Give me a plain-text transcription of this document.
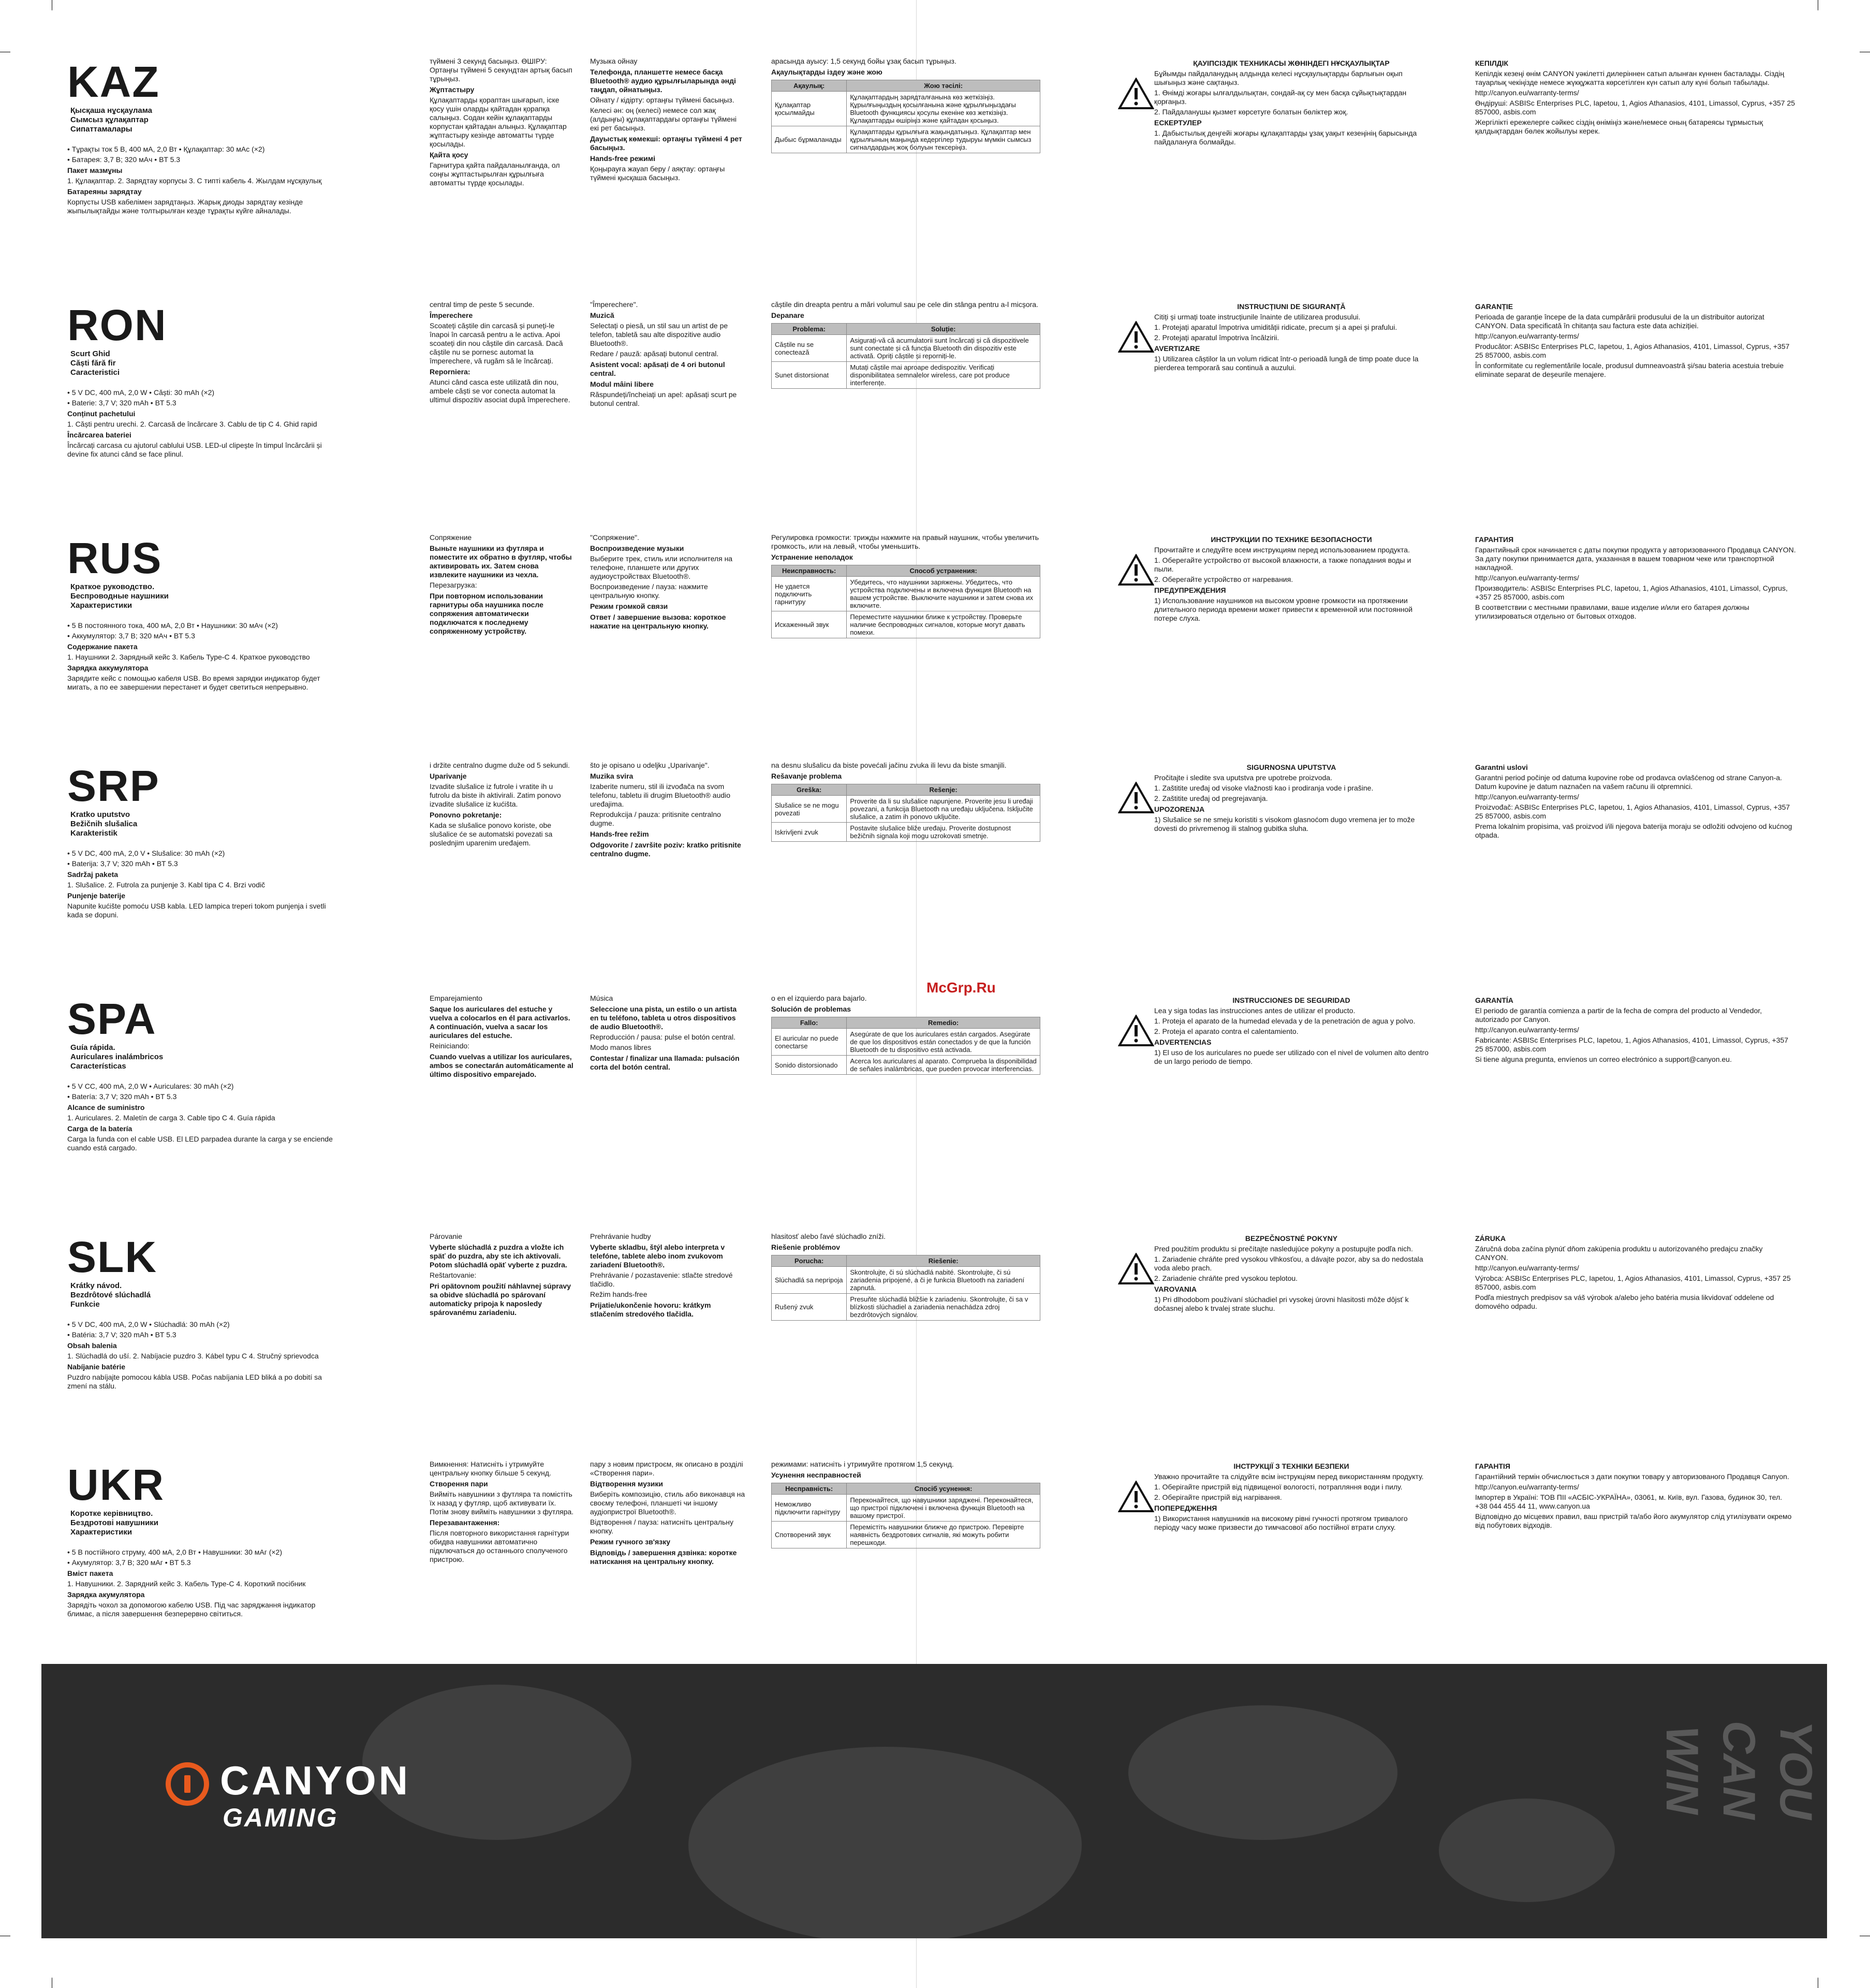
KAZ
Қысқаша нұсқаулама
Сымсыз құлақаптар
Сипаттамалары

• Тұрақты ток 5 В, 400 мА, 2,0 Вт • Құлақаптар: 30 мАс (×2)

• Батарея: 3,7 В; 320 мАч • BT 5.3

Пакет мазмұны

1. Құлақаптар. 2. Зарядтау корпусы 3. C типті кабель 4. Жылдам нұсқаулық

Батареяны зарядтау

Корпусты USB кабелімен зарядтаңыз. Жарық диоды зарядтау кезінде жыпылықтайды және толтырылған кезде тұрақты күйге айналады.

түймені 3 секунд басыңыз. ӨШІРУ: Ортаңғы түймені 5 секундтан артық басып тұрыңыз.

Жұптастыру

Құлақаптарды қораптан шығарып, іске қосу үшін оларды қайтадан қорапқа салыңыз. Содан кейін құлақаптарды корпустан қайтадан алыңыз. Құлақаптар жұптастыру кезінде автоматты түрде қосылады.

Қайта қосу

Гарнитура қайта пайдаланылғанда, ол соңғы жұптастырылған құрылғыға автоматты түрде қосылады.

Музыка ойнау

Телефонда, планшетте немесе басқа Bluetooth® аудио құрылғыларында әнді таңдап, ойнатыңыз.

Ойнату / кідірту: ортаңғы түймені басыңыз.

Келесі ән: оң (келесі) немесе сол жақ (алдыңғы) құлақаптардағы ортаңғы түймені екі рет басыңыз.

Дауыстық көмекші: ортаңғы түймені 4 рет басыңыз.

Hands-free режимі

Қоңырауға жауап беру / аяқтау: ортаңғы түймені қысқаша басыңыз.

арасында ауысу: 1,5 секунд бойы ұзақ басып тұрыңыз.

Ақаулықтарды іздеу және жою

Ақаулық:	Жою тәсілі:
Құлақаптар қосылмайды	Құлақаптардың зарядталғанына көз жеткізіңіз. Құрылғыңыздың қосылғанына және құрылғыңыздағы Bluetooth функциясы қосулы екеніне көз жеткізіңіз. Құлақаптарды өшіріңіз және қайтадан қосыңыз.
Дыбыс бұрмаланады	Құлақаптарды құрылғыға жақындатыңыз. Құлақаптар мен құрылғының маңында кедергілер тудыруы мүмкін сымсыз сигналдардың жоқ болуын тексеріңіз.

ҚАУІПСІЗДІК ТЕХНИКАСЫ ЖӨНІНДЕГІ НҰСҚАУЛЫҚТАР

Бұйымды пайдаланудың алдында келесі нұсқаулықтарды барлығын оқып шығыңыз және сақтаңыз.

1. Өнімді жоғары ылғалдылықтан, сондай-ақ су мен басқа сұйықтықтардан қорғаңыз.

2. Пайдаланушы қызмет көрсетуге болатын бөліктер жоқ.

ЕСКЕРТУЛЕР

1. Дабыстылық деңгейі жоғары құлақаптарды ұзақ уақыт кезеңінің барысында пайдалануға болмайды.

КЕПІЛДІК

Кепілдік кезеңі өнім CANYON уәкілетті дилеріннен сатып алынған күннен басталады. Сіздің тауарлық чекіңізде немесе жүкқұжатта көрсетілген күн сатып алу күні болып табылады.

http://canyon.eu/warranty-terms/

Өндіруші: ASBISc Enterprises PLC, Iapetou, 1, Agios Athanasios, 4101, Limassol, Cyprus, +357 25 857000, asbis.com

Жергілікті ережелерге сәйкес сіздің өніміңіз және/немесе оның батареясы тұрмыстық қалдықтардан бөлек жойылуы керек.

RON
Scurt Ghid
Căști fără fir
Caracteristici

• 5 V DC, 400 mA, 2,0 W • Căști: 30 mAh (×2)

• Baterie: 3,7 V; 320 mAh • BT 5.3

Conținut pachetului

1. Căști pentru urechi. 2. Carcasă de încărcare 3. Cablu de tip C 4. Ghid rapid

Încărcarea bateriei

Încărcați carcasa cu ajutorul cablului USB. LED-ul clipește în timpul încărcării și devine fix atunci când se face plinul.

central timp de peste 5 secunde.

Împerechere

Scoateți căștile din carcasă și puneți-le înapoi în carcasă pentru a le activa. Apoi scoateți din nou căștile din carcasă. Dacă căștile nu se pornesc automat la împerechere, vă rugăm să le încărcați.

Reporniera:

Atunci când casca este utilizată din nou, ambele căști se vor conecta automat la ultimul dispozitiv asociat după împerechere.

"Împerechere".

Muzică

Selectați o piesă, un stil sau un artist de pe telefon, tabletă sau alte dispozitive audio Bluetooth®.

Redare / pauză: apăsați butonul central.

Asistent vocal: apăsați de 4 ori butonul central.

Modul mâini libere

Răspundeți/încheiați un apel: apăsați scurt pe butonul central.

căștile din dreapta pentru a mări volumul sau pe cele din stânga pentru a-l micșora.

Depanare

Problema:	Soluție:
Căștile nu se conectează	Asigurați-vă că acumulatorii sunt încărcați și că dispozitivele sunt conectate și că funcția Bluetooth din dispozitiv este activată. Opriți căștile și reporniți-le.
Sunet distorsionat	Mutați căștile mai aproape dedispozitiv. Verificați disponibilitatea semnalelor wireless, care pot produce interferențe.

INSTRUCȚIUNI DE SIGURANȚĂ

Citiți și urmați toate instrucțiunile înainte de utilizarea produsului.

1. Protejați aparatul împotriva umidității ridicate, precum și a apei și prafului.

2. Protejați aparatul împotriva încălzirii.

AVERTIZARE

1) Utilizarea căștilor la un volum ridicat într-o perioadă lungă de timp poate duce la pierderea temporară sau continuă a auzului.

GARANȚIE

Perioada de garanție începe de la data cumpărării produsului de la un distribuitor autorizat CANYON. Data specificată în chitanța sau factura este data achiziției.

http://canyon.eu/warranty-terms/

Producător: ASBISc Enterprises PLC, Iapetou, 1, Agios Athanasios, 4101, Limassol, Cyprus, +357 25 857000, asbis.com

În conformitate cu reglementările locale, produsul dumneavoastră și/sau bateria acestuia trebuie eliminate separat de deșeurile menajere.

RUS
Краткое руководство.
Беспроводные наушники
Характеристики

• 5 В постоянного тока, 400 мА, 2,0 Вт • Наушники: 30 мАч (×2)

• Аккумулятор: 3,7 В; 320 мАч • BT 5.3

Содержание пакета

1. Наушники 2. Зарядный кейс 3. Кабель Type-C 4. Краткое руководство

Зарядка аккумулятора

Зарядите кейс с помощью кабеля USB. Во время зарядки индикатор будет мигать, а по ее завершении перестанет и будет светиться непрерывно.

Сопряжение

Выньте наушники из футляра и поместите их обратно в футляр, чтобы активировать их. Затем снова извлеките наушники из чехла.

Перезагрузка:

При повторном использовании гарнитуры оба наушника после сопряжения автоматически подключатся к последнему сопряженному устройству.

"Сопряжение".

Воспроизведение музыки

Выберите трек, стиль или исполнителя на телефоне, планшете или других аудиоустройствах Bluetooth®.

Воспроизведение / пауза: нажмите центральную кнопку.

Режим громкой связи

Ответ / завершение вызова: короткое нажатие на центральную кнопку.

Регулировка громкости: трижды нажмите на правый наушник, чтобы увеличить громкость, или на левый, чтобы уменьшить.

Устранение неполадок

Неисправность:	Способ устранения:
Не удается подключить гарнитуру	Убедитесь, что наушники заряжены. Убедитесь, что устройства подключены и включена функция Bluetooth на вашем устройстве. Выключите наушники и затем снова их включите.
Искаженный звук	Переместите наушники ближе к устройству. Проверьте наличие беспроводных сигналов, которые могут давать помехи.

ИНСТРУКЦИИ ПО ТЕХНИКЕ БЕЗОПАСНОСТИ

Прочитайте и следуйте всем инструкциям перед использованием продукта.

1. Оберегайте устройство от высокой влажности, а также попадания воды и пыли.

2. Оберегайте устройство от нагревания.

ПРЕДУПРЕЖДЕНИЯ

1) Использование наушников на высоком уровне громкости на протяжении длительного периода времени может привести к временной или постоянной потере слуха.

ГАРАНТИЯ

Гарантийный срок начинается с даты покупки продукта у авторизованного Продавца CANYON. За дату покупки принимается дата, указанная в вашем товарном чеке или транспортной накладной.

http://canyon.eu/warranty-terms/

Производитель: ASBISc Enterprises PLC, Iapetou, 1, Agios Athanasios, 4101, Limassol, Cyprus, +357 25 857000, asbis.com

В соответствии с местными правилами, ваше изделие и/или его батарея должны утилизироваться отдельно от бытовых отходов.

SRP
Kratko uputstvo
Bežičnih slušalica
Karakteristik

• 5 V DC, 400 mA, 2,0 V • Slušalice: 30 mAh (×2)

• Baterija: 3,7 V; 320 mAh • BT 5.3

Sadržaj paketa

1. Slušalice. 2. Futrola za punjenje 3. Kabl tipa C 4. Brzi vodič

Punjenje baterije

Napunite kućište pomoću USB kabla. LED lampica treperi tokom punjenja i svetli kada se dopuni.

i držite centralno dugme duže od 5 sekundi.

Uparivanje

Izvadite slušalice iz futrole i vratite ih u futrolu da biste ih aktivirali. Zatim ponovo izvadite slušalice iz kućišta.

Ponovno pokretanje:

Kada se slušalice ponovo koriste, obe slušalice će se automatski povezati sa poslednjim uparenim uređajem.

što je opisano u odeljku „Uparivanje".

Muzika svira

Izaberite numeru, stil ili izvođača na svom telefonu, tabletu ili drugim Bluetooth® audio uređajima.

Reprodukcija / pauza: pritisnite centralno dugme.

Hands-free režim

Odgovorite / završite poziv: kratko pritisnite centralno dugme.

na desnu slušalicu da biste povećali jačinu zvuka ili levu da biste smanjili.

Rešavanje problema

Greška:	Rešenje:
Slušalice se ne mogu povezati	Proverite da li su slušalice napunjene. Proverite jesu li uređaji povezani, a funkcija Bluetooth na uređaju uključena. Isključite slušalice, a zatim ih ponovo uključite.
Iskrivljeni zvuk	Postavite slušalice bliže uređaju. Proverite dostupnost bežičnih signala koji mogu uzrokovati smetnje.

SIGURNOSNA UPUTSTVA

Pročitajte i sledite sva uputstva pre upotrebe proizvoda.

1. Zaštitite uređaj od visoke vlažnosti kao i prodiranja vode i prašine.

2. Zaštitite uređaj od pregrejavanja.

UPOZORENJA

1) Slušalice se ne smeju koristiti s visokom glasnoćom dugo vremena jer to može dovesti do privremenog ili stalnog gubitka sluha.

Garantni uslovi

Garantni period počinje od datuma kupovine robe od prodavca ovlašćenog od strane Canyon-a. Datum kupovine je datum naznačen na vašem računu ili otpremnici.

http://canyon.eu/warranty-terms/

Proizvođač: ASBISc Enterprises PLC, Iapetou, 1, Agios Athanasios, 4101, Limassol, Cyprus, +357 25 857000, asbis.com

Prema lokalnim propisima, vaš proizvod i/ili njegova baterija moraju se odložiti odvojeno od kućnog otpada.

SPA
Guía rápida.
Auriculares inalámbricos
Características

• 5 V CC, 400 mA, 2,0 W • Auriculares: 30 mAh (×2)

• Batería: 3,7 V; 320 mAh • BT 5.3

Alcance de suministro

1. Auriculares. 2. Maletín de carga 3. Cable tipo C 4. Guía rápida

Carga de la batería

Carga la funda con el cable USB. El LED parpadea durante la carga y se enciende cuando está cargado.

Emparejamiento

Saque los auriculares del estuche y vuelva a colocarlos en él para activarlos. A continuación, vuelva a sacar los auriculares del estuche.

Reiniciando:

Cuando vuelvas a utilizar los auriculares, ambos se conectarán automáticamente al último dispositivo emparejado.

Música

Seleccione una pista, un estilo o un artista en tu teléfono, tableta u otros dispositivos de audio Bluetooth®.

Reproducción / pausa: pulse el botón central.

Modo manos libres

Contestar / finalizar una llamada: pulsación corta del botón central.

o en el izquierdo para bajarlo.

Solución de problemas

Fallo:	Remedio:
El auricular no puede conectarse	Asegúrate de que los auriculares están cargados. Asegúrate de que los dispositivos están conectados y de que la función Bluetooth de tu dispositivo está activada.
Sonido distorsionado	Acerca los auriculares al aparato. Comprueba la disponibilidad de señales inalámbricas, que pueden provocar interferencias.

INSTRUCCIONES DE SEGURIDAD

Lea y siga todas las instrucciones antes de utilizar el producto.

1. Proteja el aparato de la humedad elevada y de la penetración de agua y polvo.

2. Proteja el aparato contra el calentamiento.

ADVERTENCIAS

1) El uso de los auriculares no puede ser utilizado con el nivel de volumen alto dentro de un largo periodo de tiempo.

GARANTÍA

El periodo de garantía comienza a partir de la fecha de compra del producto al Vendedor, autorizado por Canyon.

http://canyon.eu/warranty-terms/

Fabricante: ASBISc Enterprises PLC, Iapetou, 1, Agios Athanasios, 4101, Limassol, Cyprus, +357 25 857000, asbis.com

Si tiene alguna pregunta, envíenos un correo electrónico a support@canyon.eu.

SLK
Krátky návod.
Bezdrôtové slúchadlá
Funkcie

• 5 V DC, 400 mA, 2,0 W • Slúchadlá: 30 mAh (×2)

• Batéria: 3,7 V; 320 mAh • BT 5.3

Obsah balenia

1. Slúchadlá do uší. 2. Nabíjacie puzdro 3. Kábel typu C 4. Stručný sprievodca

Nabíjanie batérie

Puzdro nabíjajte pomocou kábla USB. Počas nabíjania LED bliká a po dobití sa zmení na stálu.

Párovanie

Vyberte slúchadlá z puzdra a vložte ich späť do puzdra, aby ste ich aktivovali. Potom slúchadlá opäť vyberte z puzdra.

Reštartovanie:

Pri opätovnom použití náhlavnej súpravy sa obidve slúchadlá po spárovaní automaticky pripoja k naposledy spárovanému zariadeniu.

Prehrávanie hudby

Vyberte skladbu, štýl alebo interpreta v telefóne, tablete alebo inom zvukovom zariadení Bluetooth®.

Prehrávanie / pozastavenie: stlačte stredové tlačidlo.

Režim hands-free

Prijatie/ukončenie hovoru: krátkym stlačením stredového tlačidla.

hlasitosť alebo ľavé slúchadlo zníži.

Riešenie problémov

Porucha:	Riešenie:
Slúchadlá sa nepripoja	Skontrolujte, či sú slúchadlá nabité. Skontrolujte, či sú zariadenia pripojené, a či je funkcia Bluetooth na zariadení zapnutá.
Rušený zvuk	Presuňte slúchadlá bližšie k zariadeniu. Skontrolujte, či sa v blízkosti slúchadiel a zariadenia nenachádza zdroj bezdrôtových signálov.

BEZPEČNOSTNÉ POKYNY

Pred použitím produktu si prečítajte nasledujúce pokyny a postupujte podľa nich.

1. Zariadenie chráňte pred vysokou vlhkosťou, a dávajte pozor, aby sa do nedostala voda alebo prach.

2. Zariadenie chráňte pred vysokou teplotou.

VAROVANIA

1) Pri dlhodobom používaní slúchadiel pri vysokej úrovni hlasitosti môže dôjsť k dočasnej alebo k trvalej strate sluchu.

ZÁRUKA

Záručná doba začína plynúť dňom zakúpenia produktu u autorizovaného predajcu značky CANYON.

http://canyon.eu/warranty-terms/

Výrobca: ASBISc Enterprises PLC, Iapetou, 1, Agios Athanasios, 4101, Limassol, Cyprus, +357 25 857000, asbis.com

Podľa miestnych predpisov sa váš výrobok a/alebo jeho batéria musia likvidovať oddelene od domového odpadu.

UKR
Коротке керівництво.
Бездротові навушники
Характеристики

• 5 В постійного струму, 400 мА, 2,0 Вт • Навушники: 30 мАг (×2)

• Акумулятор: 3,7 В; 320 мАг • BT 5.3

Вміст пакета

1. Навушники. 2. Зарядний кейс 3. Кабель Type-C 4. Короткий посібник

Зарядка акумулятора

Зарядіть чохол за допомогою кабелю USB. Під час заряджання індикатор блимає, а після завершення безперервно світиться.

Вимкнення: Натисніть і утримуйте центральну кнопку більше 5 секунд.

Створення пари

Вийміть навушники з футляра та помістіть їх назад у футляр, щоб активувати їх. Потім знову вийміть навушники з футляра.

Перезавантаження:

Після повторного використання гарнітури обидва навушники автоматично підключаться до останнього сполученого пристрою.

пару з новим пристроєм, як описано в розділі «Створення пари».

Відтворення музики

Виберіть композицію, стиль або виконавця на своєму телефоні, планшеті чи іншому аудіопристрої Bluetooth®.

Відтворення / пауза: натисніть центральну кнопку.

Режим гучного зв'язку

Відповідь / завершення дзвінка: коротке натискання на центральну кнопку.

режимами: натисніть і утримуйте протягом 1,5 секунд.

Усунення несправностей

Несправність:	Спосіб усунення:
Неможливо підключити гарнітуру	Переконайтеся, що навушники заряджені. Переконайтеся, що пристрої підключені і включена функція Bluetooth на вашому пристрої.
Спотворений звук	Перемістіть навушники ближче до пристрою. Перевірте наявність бездротових сигналів, які можуть робити перешкоди.

ІНСТРУКЦІЇ З ТЕХНІКИ БЕЗПЕКИ

Уважно прочитайте та слідуйте всім інструкціям перед використанням продукту.

1. Оберігайте пристрій від підвищеної вологості, потрапляння води і пилу.

2. Оберігайте пристрій від нагрівання.

ПОПЕРЕДЖЕННЯ

1) Використання навушників на високому рівні гучності протягом тривалого періоду часу може призвести до тимчасової або постійної втрати слуху.

ГАРАНТІЯ

Гарантійний термін обчислюється з дати покупки товару у авторизованого Продавця Canyon.

http://canyon.eu/warranty-terms/

Імпортер в Україні: ТОВ ПІІ «АСБІС-УКРАЇНА», 03061, м. Київ, вул. Газова, будинок 30, тел. +38 044 455 44 11, www.canyon.ua

Відповідно до місцевих правил, ваш пристрій та/або його акумулятор слід утилізувати окремо від побутових відходів.

McGrp.Ru
CANYON
GAMING	YOU CAN WIN
